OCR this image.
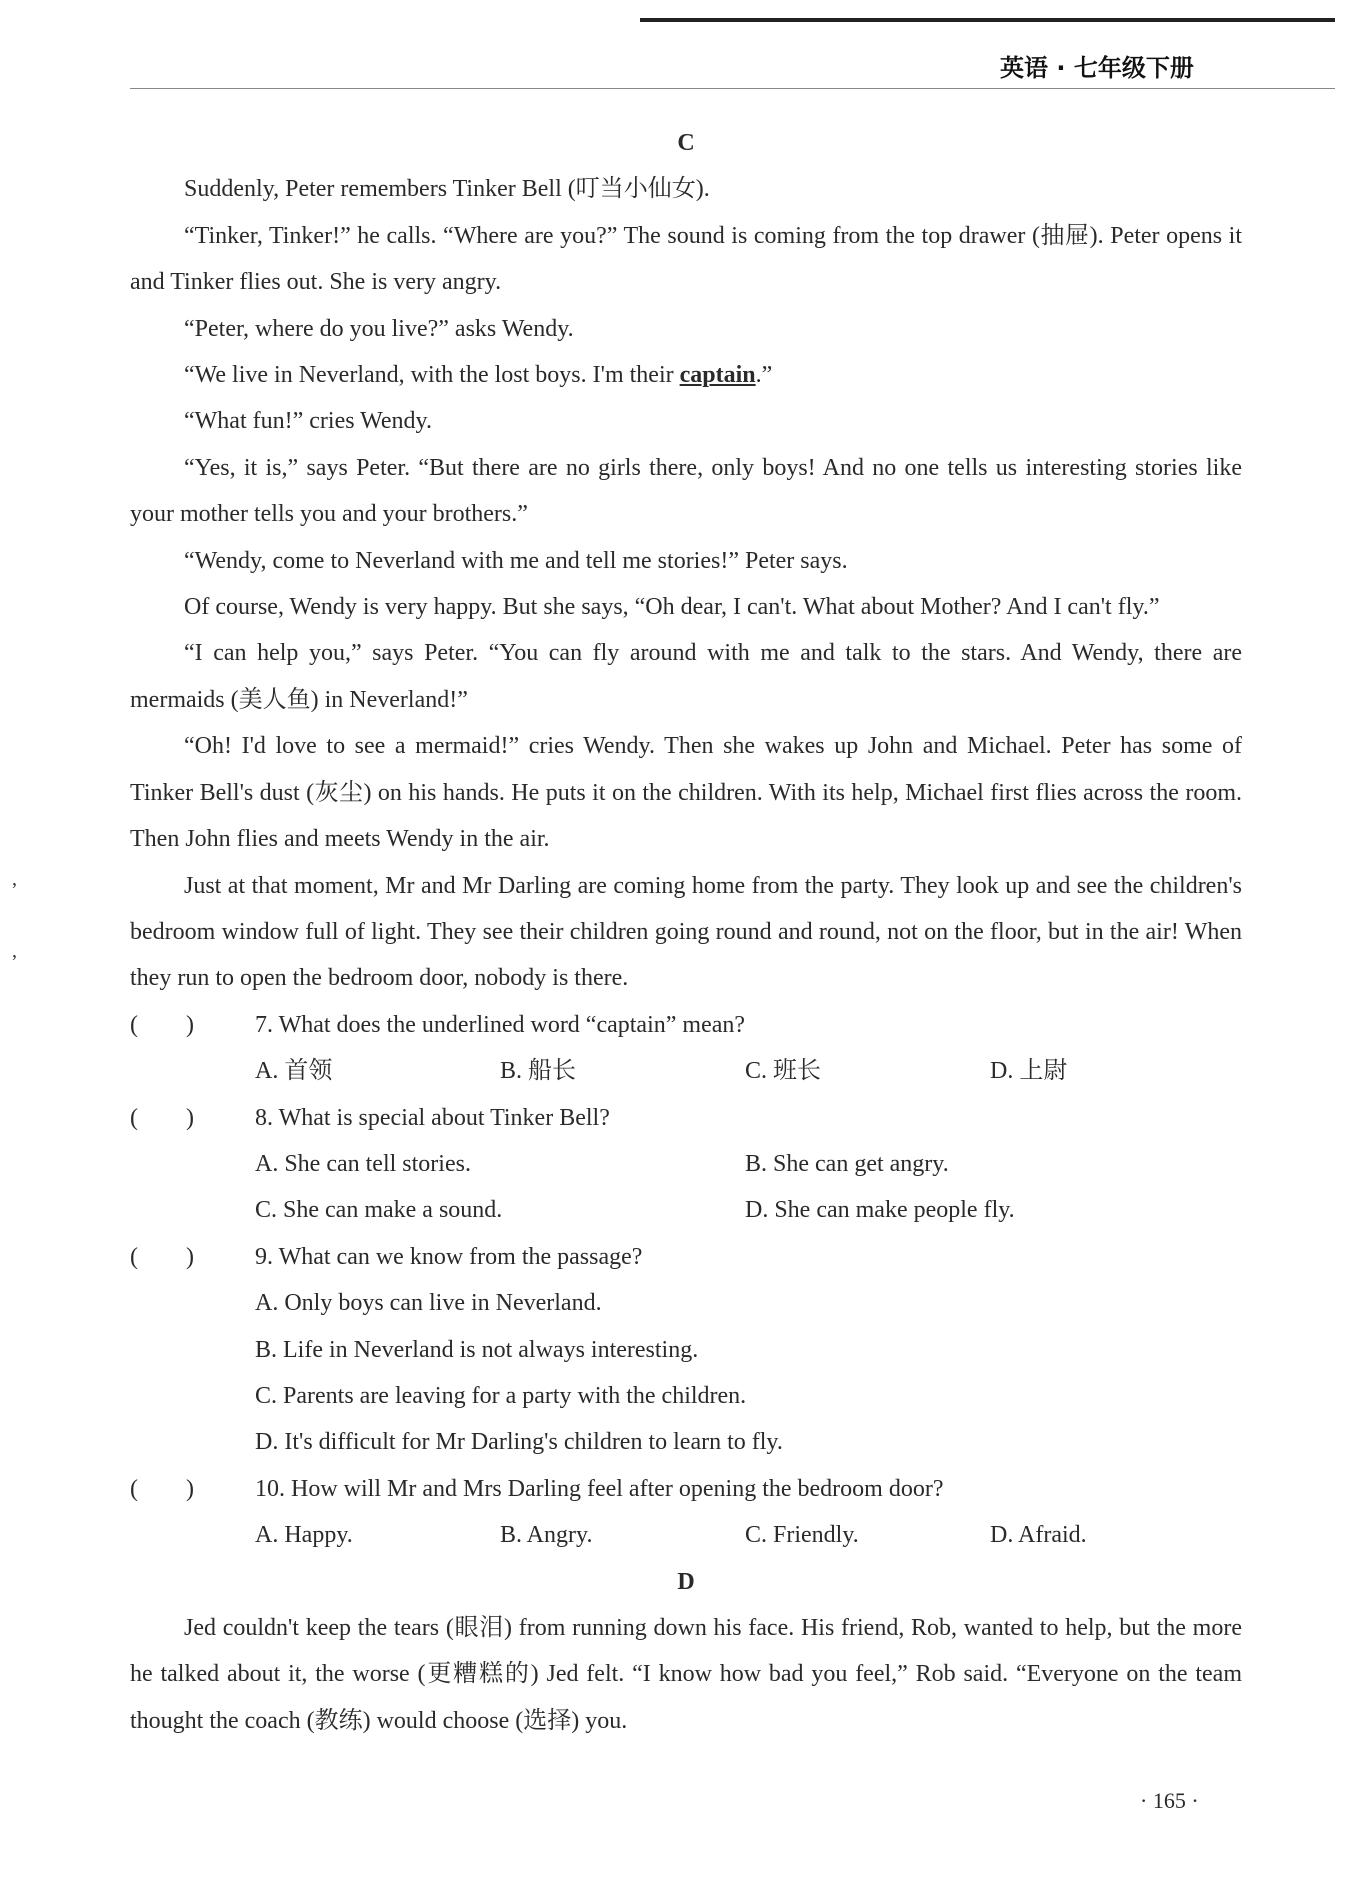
英语 · 七年级下册
,
,
C

Suddenly, Peter remembers Tinker Bell (叮当小仙女).

“Tinker, Tinker!” he calls. “Where are you?” The sound is coming from the top drawer (抽屉). Peter opens it and Tinker flies out. She is very angry.

“Peter, where do you live?” asks Wendy.

“We live in Neverland, with the lost boys. I'm their captain.”

“What fun!” cries Wendy.

“Yes, it is,” says Peter. “But there are no girls there, only boys! And no one tells us interesting stories like your mother tells you and your brothers.”

“Wendy, come to Neverland with me and tell me stories!” Peter says.

Of course, Wendy is very happy. But she says, “Oh dear, I can't. What about Mother? And I can't fly.”

“I can help you,” says Peter. “You can fly around with me and talk to the stars. And Wendy, there are mermaids (美人鱼) in Neverland!”

“Oh! I'd love to see a mermaid!” cries Wendy. Then she wakes up John and Michael. Peter has some of Tinker Bell's dust (灰尘) on his hands. He puts it on the children. With its help, Michael first flies across the room. Then John flies and meets Wendy in the air.

Just at that moment, Mr and Mr Darling are coming home from the party. They look up and see the children's bedroom window full of light. They see their children going round and round, not on the floor, but in the air! When they run to open the bedroom door, nobody is there.

(        )	7. What does the underlined word “captain” mean?
A. 首领	B. 船长	C. 班长	D. 上尉
(        )	8. What is special about Tinker Bell?
A. She can tell stories.	B. She can get angry.
C. She can make a sound.	D. She can make people fly.
(        )	9. What can we know from the passage?
A. Only boys can live in Neverland.
B. Life in Neverland is not always interesting.
C. Parents are leaving for a party with the children.
D. It's difficult for Mr Darling's children to learn to fly.
(        )	10. How will Mr and Mrs Darling feel after opening the bedroom door?
A. Happy.	B. Angry.	C. Friendly.	D. Afraid.
D

Jed couldn't keep the tears (眼泪) from running down his face. His friend, Rob, wanted to help, but the more he talked about it, the worse (更糟糕的) Jed felt. “I know how bad you feel,” Rob said. “Everyone on the team thought the coach (教练) would choose (选择) you.

· 165 ·
